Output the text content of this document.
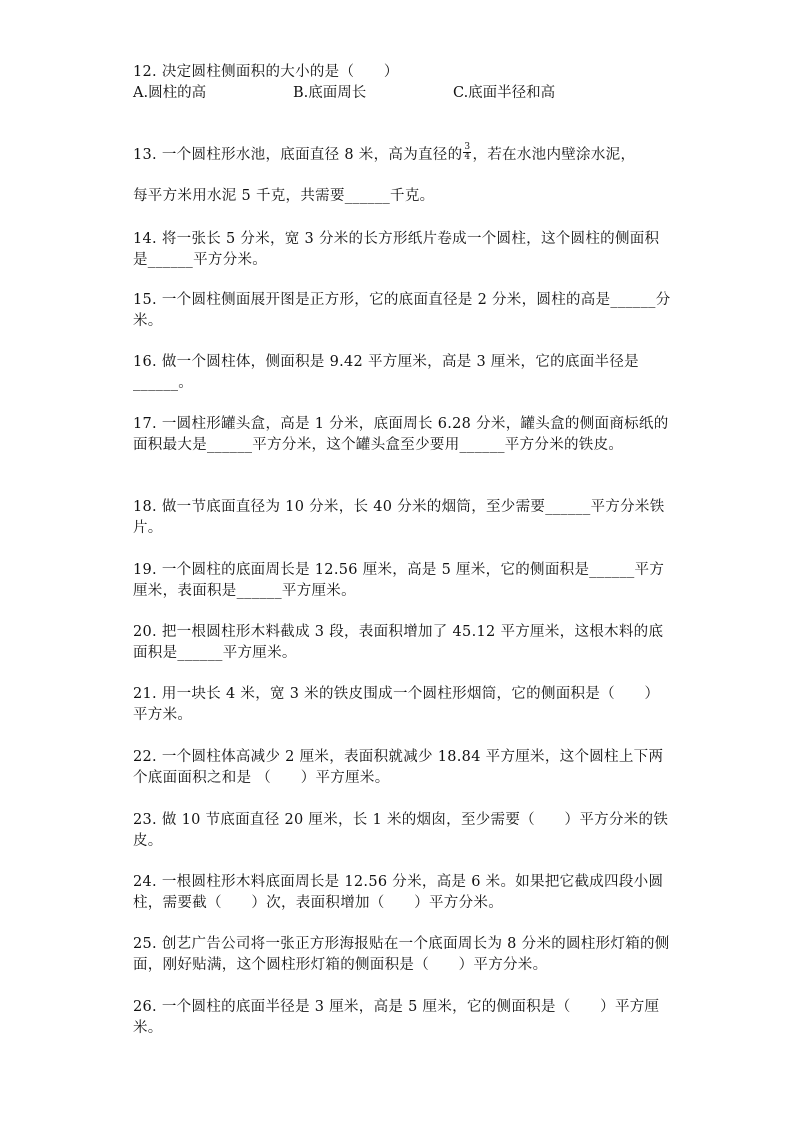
12. 决定圆柱侧面积的大小的是（　　）
A.圆柱的高	B.底面周长	C.底面半径和高
13. 一个圆柱形水池，底面直径 8 米，高为直径的 $\frac{3}{4}$ ，若在水池内壁涂水泥，
每平方米用水泥 5 千克，共需要______千克。
14. 将一张长 5 分米，宽 3 分米的长方形纸片卷成一个圆柱，这个圆柱的侧面积是______平方分米。
15. 一个圆柱侧面展开图是正方形，它的底面直径是 2 分米，圆柱的高是______分米。
16. 做一个圆柱体，侧面积是 9.42 平方厘米，高是 3 厘米，它的底面半径是______。
17. 一圆柱形罐头盒，高是 1 分米，底面周长 6.28 分米，罐头盒的侧面商标纸的面积最大是______平方分米，这个罐头盒至少要用______平方分米的铁皮。
18. 做一节底面直径为 10 分米，长 40 分米的烟筒，至少需要______平方分米铁片。
19. 一个圆柱的底面周长是 12.56 厘米，高是 5 厘米，它的侧面积是______平方厘米，表面积是______平方厘米。
20. 把一根圆柱形木料截成 3 段，表面积增加了 45.12 平方厘米，这根木料的底面积是______平方厘米。
21. 用一块长 4 米，宽 3 米的铁皮围成一个圆柱形烟筒，它的侧面积是（　　）平方米。
22. 一个圆柱体高减少 2 厘米，表面积就减少 18.84 平方厘米，这个圆柱上下两个底面面积之和是 （　　）平方厘米。
23. 做 10 节底面直径 20 厘米，长 1 米的烟囱，至少需要（　　）平方分米的铁皮。
24. 一根圆柱形木料底面周长是 12.56 分米，高是 6 米。如果把它截成四段小圆柱，需要截（　　）次，表面积增加（　　）平方分米。
25. 创艺广告公司将一张正方形海报贴在一个底面周长为 8 分米的圆柱形灯箱的侧面，刚好贴满，这个圆柱形灯箱的侧面积是（　　）平方分米。
26. 一个圆柱的底面半径是 3 厘米，高是 5 厘米，它的侧面积是（　　）平方厘米。
